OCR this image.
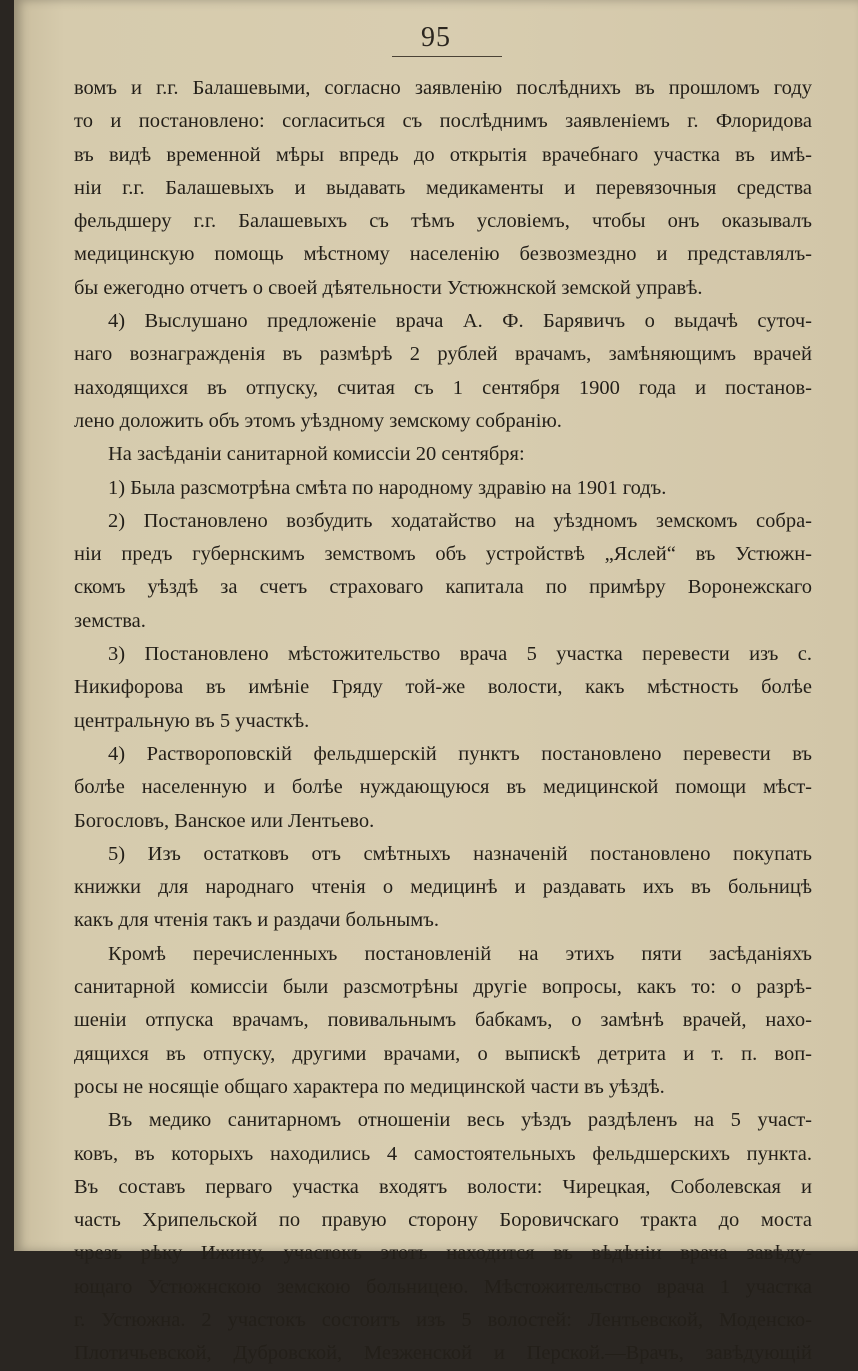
95
вомъ и г.г. Балашевыми, согласно заявленiю послѣднихъ въ прошломъ году
то и постановлено: согласиться съ послѣднимъ заявленiемъ г. Флоридова
въ видѣ временной мѣры впредь до открытiя врачебнаго участка въ имѣ-
нiи г.г. Балашевыхъ и выдавать медикаменты и перевязочныя средства
фельдшеру г.г. Балашевыхъ съ тѣмъ условiемъ, чтобы онъ оказывалъ
медицинскую помощь мѣстному населенiю безвозмездно и представлялъ-
бы ежегодно отчетъ о своей дѣятельности Устюжнской земской управѣ.
4) Выслушано предложенiе врача А. Ф. Барявичъ о выдачѣ суточ-
наго вознагражденiя въ размѣрѣ 2 рублей врачамъ, замѣняющимъ врачей
находящихся въ отпуску, считая съ 1 сентября 1900 года и постанов-
лено доложить объ этомъ уѣздному земскому собранiю.
На засѣданiи санитарной комиссiи 20 сентября:
1) Была разсмотрѣна смѣта по народному здравiю на 1901 годъ.
2) Постановлено возбудить ходатайство на уѣздномъ земскомъ собра-
нiи предъ губернскимъ земствомъ объ устройствѣ „Яслей“ въ Устюжн-
скомъ уѣздѣ за счетъ страховаго капитала по примѣру Воронежскаго
земства.
3) Постановлено мѣстожительство врача 5 участка перевести изъ с.
Никифорова въ имѣнiе Гряду той-же волости, какъ мѣстность болѣе
центральную въ 5 участкѣ.
4) Раствороповскiй фельдшерскiй пунктъ постановлено перевести въ
болѣе населенную и болѣе нуждающуюся въ медицинской помощи мѣст-
Богословъ, Ванское или Лентьево.
5) Изъ остатковъ отъ смѣтныхъ назначенiй постановлено покупать
книжки для народнаго чтенiя о медицинѣ и раздавать ихъ въ больницѣ
какъ для чтенiя такъ и раздачи больнымъ.
Кромѣ перечисленныхъ постановленiй на этихъ пяти засѣданiяхъ
санитарной комиссiи были разсмотрѣны другiе вопросы, какъ то: о разрѣ-
шенiи отпуска врачамъ, повивальнымъ бабкамъ, о замѣнѣ врачей, нахо-
дящихся въ отпуску, другими врачами, о выпискѣ детрита и т. п. воп-
росы не носящiе общаго характера по медицинской части въ уѣздѣ.
Въ медико санитарномъ отношенiи весь уѣздъ раздѣленъ на 5 участ-
ковъ, въ которыхъ находились 4 самостоятельныхъ фельдшерскихъ пункта.
Въ составъ перваго участка входятъ волости: Чирецкая, Соболевская и
часть Хрипельской по правую сторону Боровичскаго тракта до моста
чрезъ рѣку Ижину, участокъ этотъ находится въ вѣдѣнiи врача завѣду-
ющаго Устюжнскою земскою больницею. Мѣстожительство врача 1 участка
г. Устюжна. 2 участокъ состоитъ изъ 5 волостей: Лентьевской, Моденско-
Плотичьевской, Дубровской, Мезженской и Перской.—Врачъ, завѣдующiй
